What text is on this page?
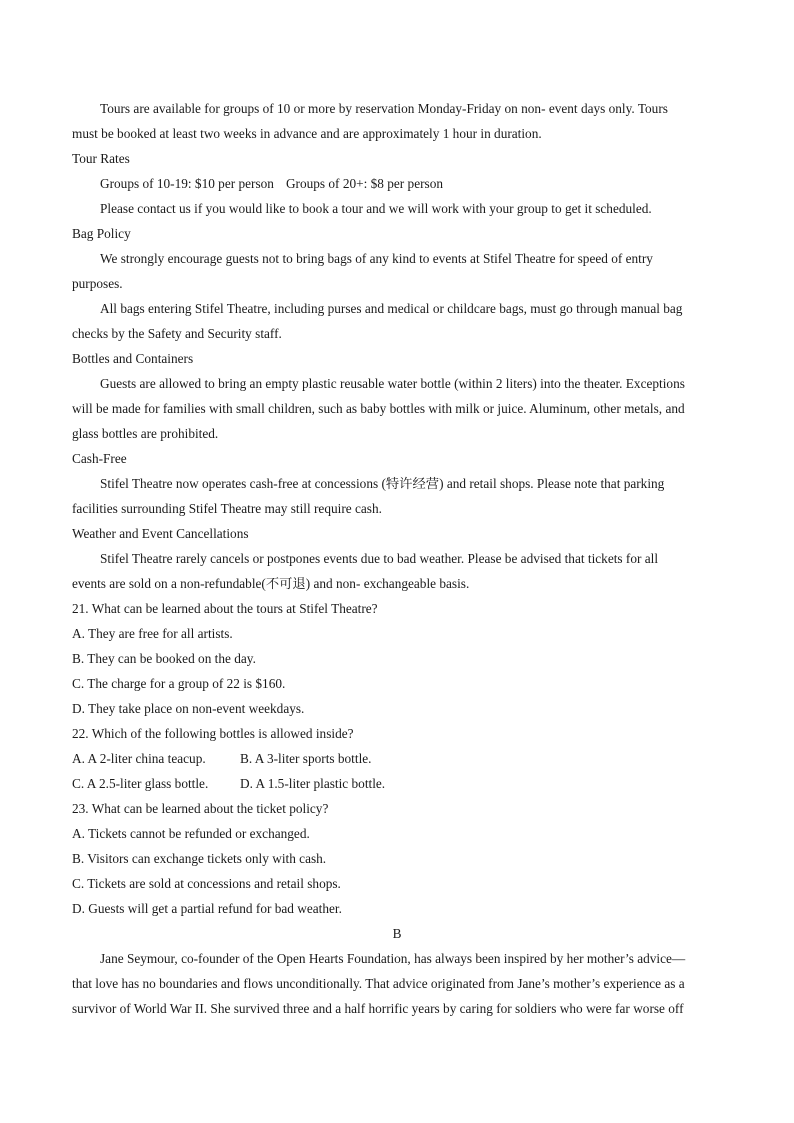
Tours are available for groups of 10 or more by reservation Monday-Friday on non- event days only. Tours
must be booked at least two weeks in advance and are approximately 1 hour in duration.
Tour Rates
Groups of 10-19: $10 per person Groups of 20+: $8 per person
Please contact us if you would like to book a tour and we will work with your group to get it scheduled.
Bag Policy
We strongly encourage guests not to bring bags of any kind to events at Stifel Theatre for speed of entry
purposes.
All bags entering Stifel Theatre, including purses and medical or childcare bags, must go through manual bag
checks by the Safety and Security staff.
Bottles and Containers
Guests are allowed to bring an empty plastic reusable water bottle (within 2 liters) into the theater. Exceptions
will be made for families with small children, such as baby bottles with milk or juice. Aluminum, other metals, and
glass bottles are prohibited.
Cash-Free
Stifel Theatre now operates cash-free at concessions (特许经营) and retail shops. Please note that parking
facilities surrounding Stifel Theatre may still require cash.
Weather and Event Cancellations
Stifel Theatre rarely cancels or postpones events due to bad weather. Please be advised that tickets for all
events are sold on a non-refundable(不可退) and non- exchangeable basis.
21. What can be learned about the tours at Stifel Theatre?
A. They are free for all artists.
B. They can be booked on the day.
C. The charge for a group of 22 is $160.
D. They take place on non-event weekdays.
22. Which of the following bottles is allowed inside?
A. A 2-liter china teacup.	B. A 3-liter sports bottle.
C. A 2.5-liter glass bottle. D. A 1.5-liter plastic bottle.
23. What can be learned about the ticket policy?
A. Tickets cannot be refunded or exchanged.
B. Visitors can exchange tickets only with cash.
C. Tickets are sold at concessions and retail shops.
D. Guests will get a partial refund for bad weather.
B
Jane Seymour, co-founder of the Open Hearts Foundation, has always been inspired by her mother’s advice—
that love has no boundaries and flows unconditionally. That advice originated from Jane’s mother’s experience as a
survivor of World War II. She survived three and a half horrific years by caring for soldiers who were far worse off
